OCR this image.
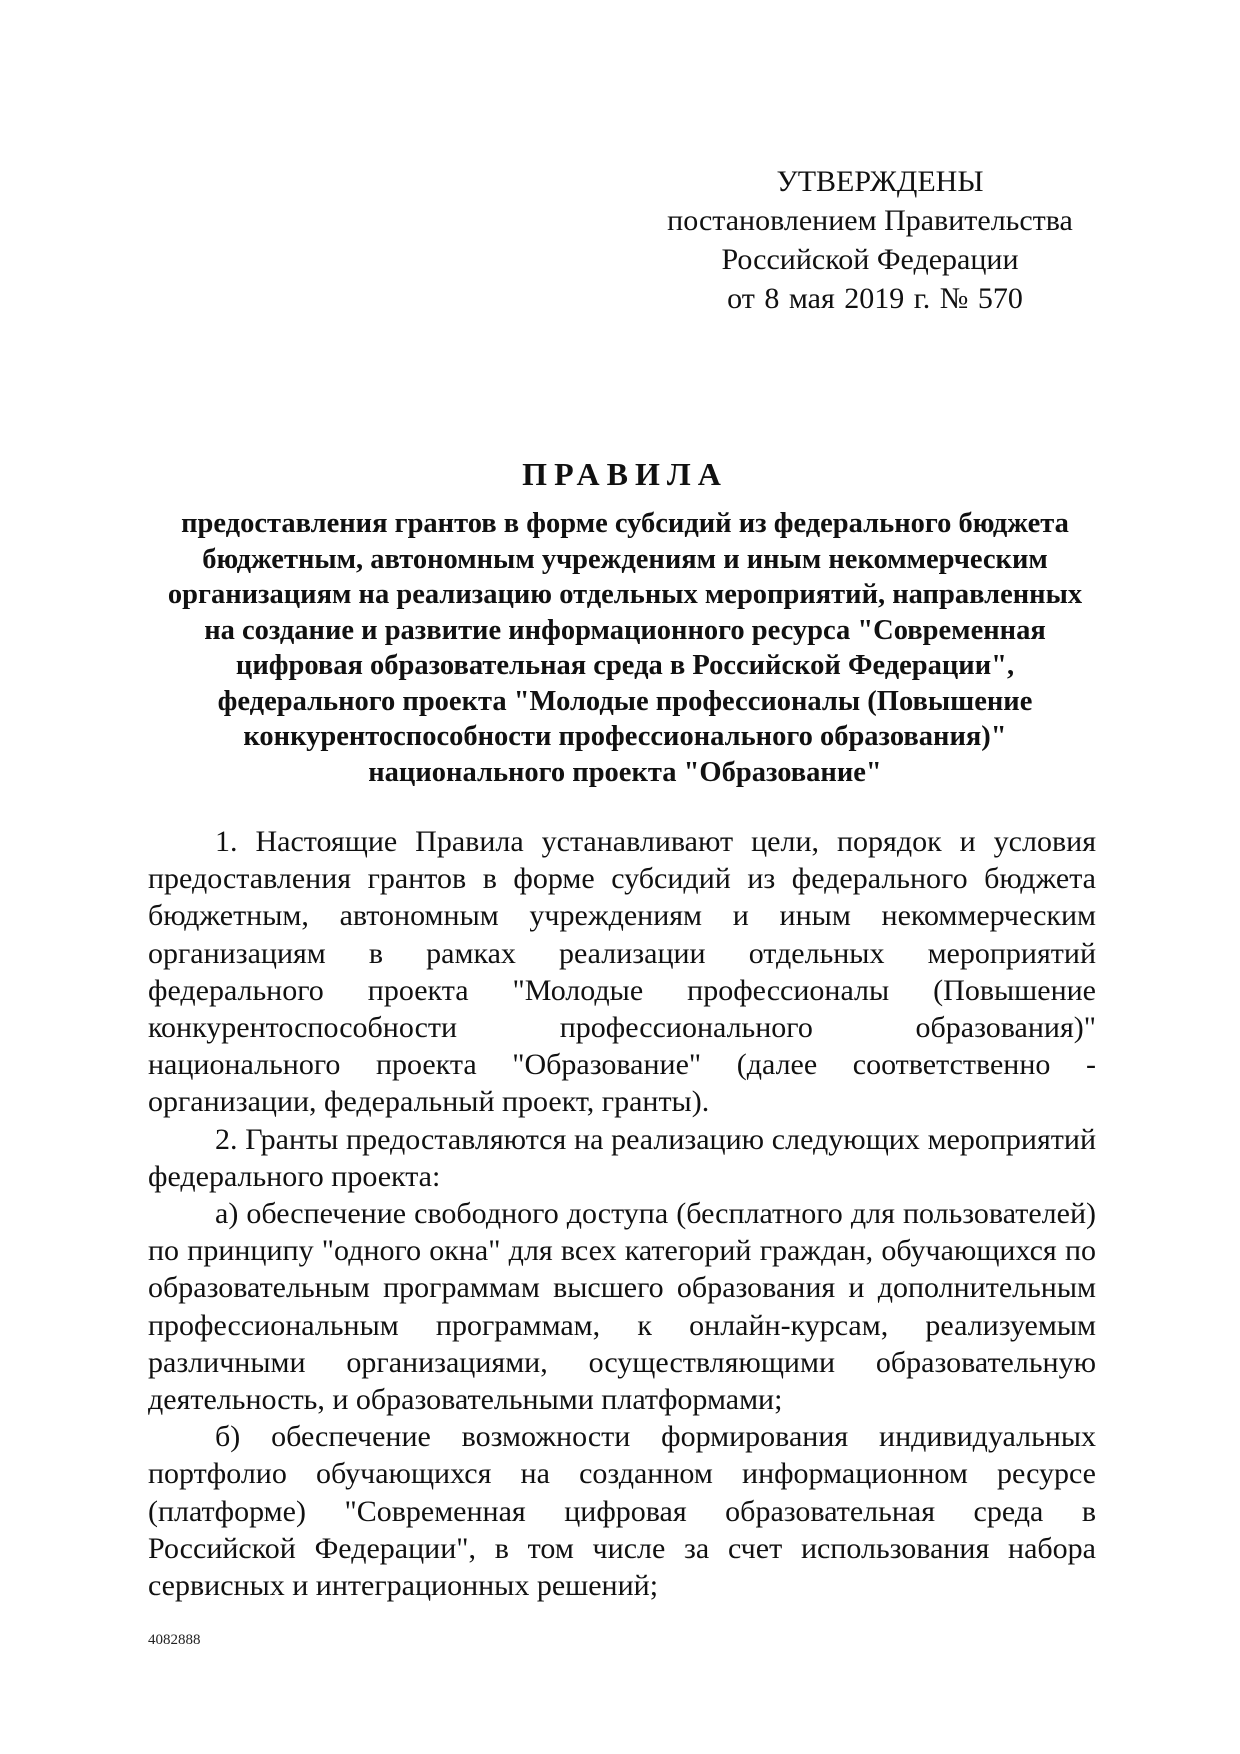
УТВЕРЖДЕНЫ
постановлением Правительства
Российской Федерации
от 8 мая 2019 г. № 570
ПРАВИЛА
предоставления грантов в форме субсидий из федерального бюджета
бюджетным, автономным учреждениям и иным некоммерческим
организациям на реализацию отдельных мероприятий, направленных
на создание и развитие информационного ресурса "Современная
цифровая образовательная среда в Российской Федерации",
федерального проекта "Молодые профессионалы (Повышение
конкурентоспособности профессионального образования)"
национального проекта "Образование"

1. Настоящие Правила устанавливают цели, порядок и условия предоставления грантов в форме субсидий из федерального бюджета бюджетным, автономным учреждениям и иным некоммерческим организациям в рамках реализации отдельных мероприятий федерального проекта "Молодые профессионалы (Повышение конкурентоспособности профессионального образования)" национального проекта "Образование" (далее соответственно - организации, федеральный проект, гранты).

2. Гранты предоставляются на реализацию следующих мероприятий федерального проекта:

а) обеспечение свободного доступа (бесплатного для пользователей) по принципу "одного окна" для всех категорий граждан, обучающихся по образовательным программам высшего образования и дополнительным профессиональным программам, к онлайн-курсам, реализуемым различными организациями, осуществляющими образовательную деятельность, и образовательными платформами;

б) обеспечение возможности формирования индивидуальных портфолио обучающихся на созданном информационном ресурсе (платформе) "Современная цифровая образовательная среда в Российской Федерации", в том числе за счет использования набора сервисных и интеграционных решений;

4082888
